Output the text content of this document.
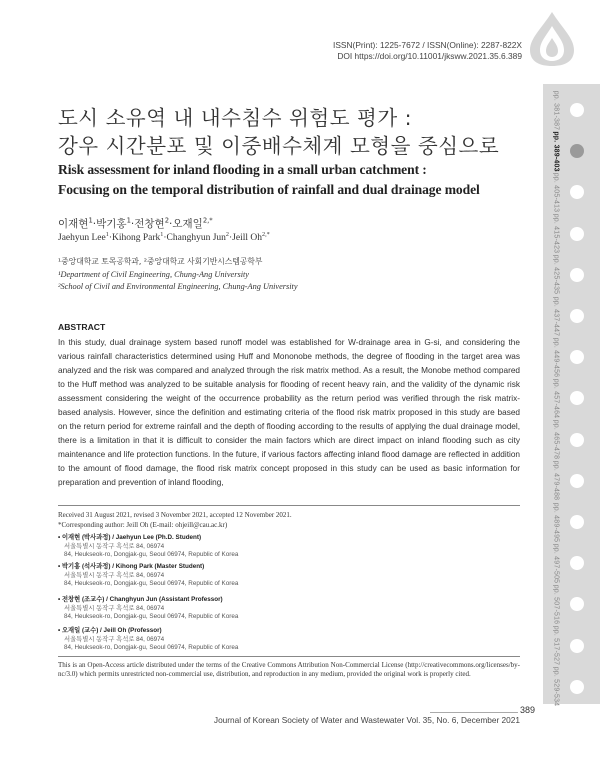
ISSN(Print): 1225-7672 / ISSN(Online): 2287-822X
DOI https://doi.org/10.11001/jksww.2021.35.6.389
pp. 381-387
pp. 389-403
pp. 405-413
pp. 415-423
pp. 425-435
pp. 437-447
pp. 449-456
pp. 457-464
pp. 465-478
pp. 479-488
pp. 489-495
pp. 497-505
pp. 507-516
pp. 517-527
pp. 529-534
도시 소유역 내 내수침수 위험도 평가 :
강우 시간분포 및 이중배수체계 모형을 중심으로
Risk assessment for inland flooding in a small urban catchment :
Focusing on the temporal distribution of rainfall and dual drainage model
이재현$^1$·박기홍$^1$·전창현$^2$·오재일$^{2,*}$
Jaehyun Lee$^1$·Kihong Park$^1$·Changhyun Jun$^2$·Jeill $Oh^{2,*}$
¹중앙대학교 토목공학과, ²중앙대학교 사회기반시스템공학부
¹Department of Civil Engineering, Chung-Ang University
²School of Civil and Environmental Engineering, Chung-Ang University
ABSTRACT
In this study, dual drainage system based runoff model was established for W-drainage area in G-si, and considering the various rainfall characteristics determined using Huff and Mononobe methods, the degree of flooding in the target area was analyzed and the risk was compared and analyzed through the risk matrix method. As a result, the Monobe method compared to the Huff method was analyzed to be suitable analysis for flooding of recent heavy rain, and the validity of the dynamic risk assessment considering the weight of the occurrence probability as the return period was verified through the risk matrix-based analysis. However, since the definition and estimating criteria of the flood risk matrix proposed in this study are based on the return period for extreme rainfall and the depth of flooding according to the results of applying the dual drainage model, there is a limitation in that it is difficult to consider the main factors which are direct impact on inland flooding such as city maintenance and life protection functions. In the future, if various factors affecting inland flood damage are reflected in addition to the amount of flood damage, the flood risk matrix concept proposed in this study can be used as basic information for preparation and prevention of inland flooding,
Received 31 August 2021, revised 3 November 2021, accepted 12 November 2021.
*Corresponding author: Jeill Oh (E-mail: ohjeill@cau.ac.kr)
• 이재현 (박사과정) / Jaehyun Lee (Ph.D. Student)
서울특별시 동작구 흑석로 84, 06974
84, Heukseok-ro, Dongjak-gu, Seoul 06974, Republic of Korea
• 박기홍 (석사과정) / Kihong Park (Master Student)
서울특별시 동작구 흑석로 84, 06974
84, Heukseok-ro, Dongjak-gu, Seoul 06974, Republic of Korea
• 전창현 (조교수) / Changhyun Jun (Assistant Professor)
서울특별시 동작구 흑석로 84, 06974
84, Heukseok-ro, Dongjak-gu, Seoul 06974, Republic of Korea
• 오재일 (교수) / Jeill Oh (Professor)
서울특별시 동작구 흑석로 84, 06974
84, Heukseok-ro, Dongjak-gu, Seoul 06974, Republic of Korea
This is an Open-Access article distributed under the terms of the Creative Commons Attribution Non-Commercial License (http://creativecommons.org/licenses/by-nc/3.0) which permits unrestricted non-commercial use, distribution, and reproduction in any medium, provided the original work is properly cited.
389
Journal of Korean Society of Water and Wastewater Vol. 35, No. 6, December 2021
